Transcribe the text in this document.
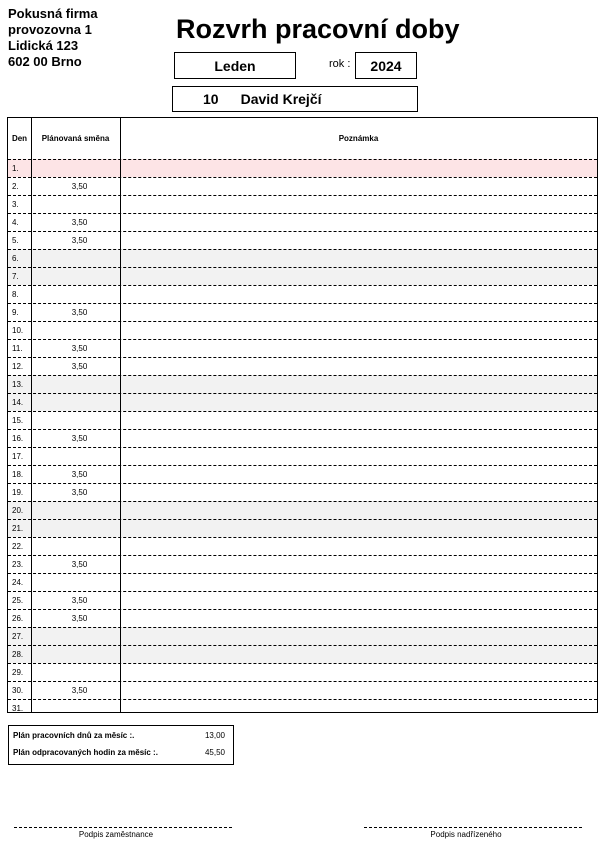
Pokusná firma
provozovna 1
Lidická 123
602 00 Brno
Rozvrh pracovní doby
Leden	rok :	2024
10 David Krejčí
Den	Plánovaná směna	Poznámka
1.
2.	3,50
3.
4.	3,50
5.	3,50
6.
7.
8.
9.	3,50
10.
11.	3,50
12.	3,50
13.
14.
15.
16.	3,50
17.
18.	3,50
19.	3,50
20.
21.
22.
23.	3,50
24.
25.	3,50
26.	3,50
27.
28.
29.
30.	3,50
31.
Plán pracovních dnů za měsíc :.	13,00
Plán odpracovaných hodin za měsíc :.	45,50
Podpis zaměstnance	Podpis nadřízeného
